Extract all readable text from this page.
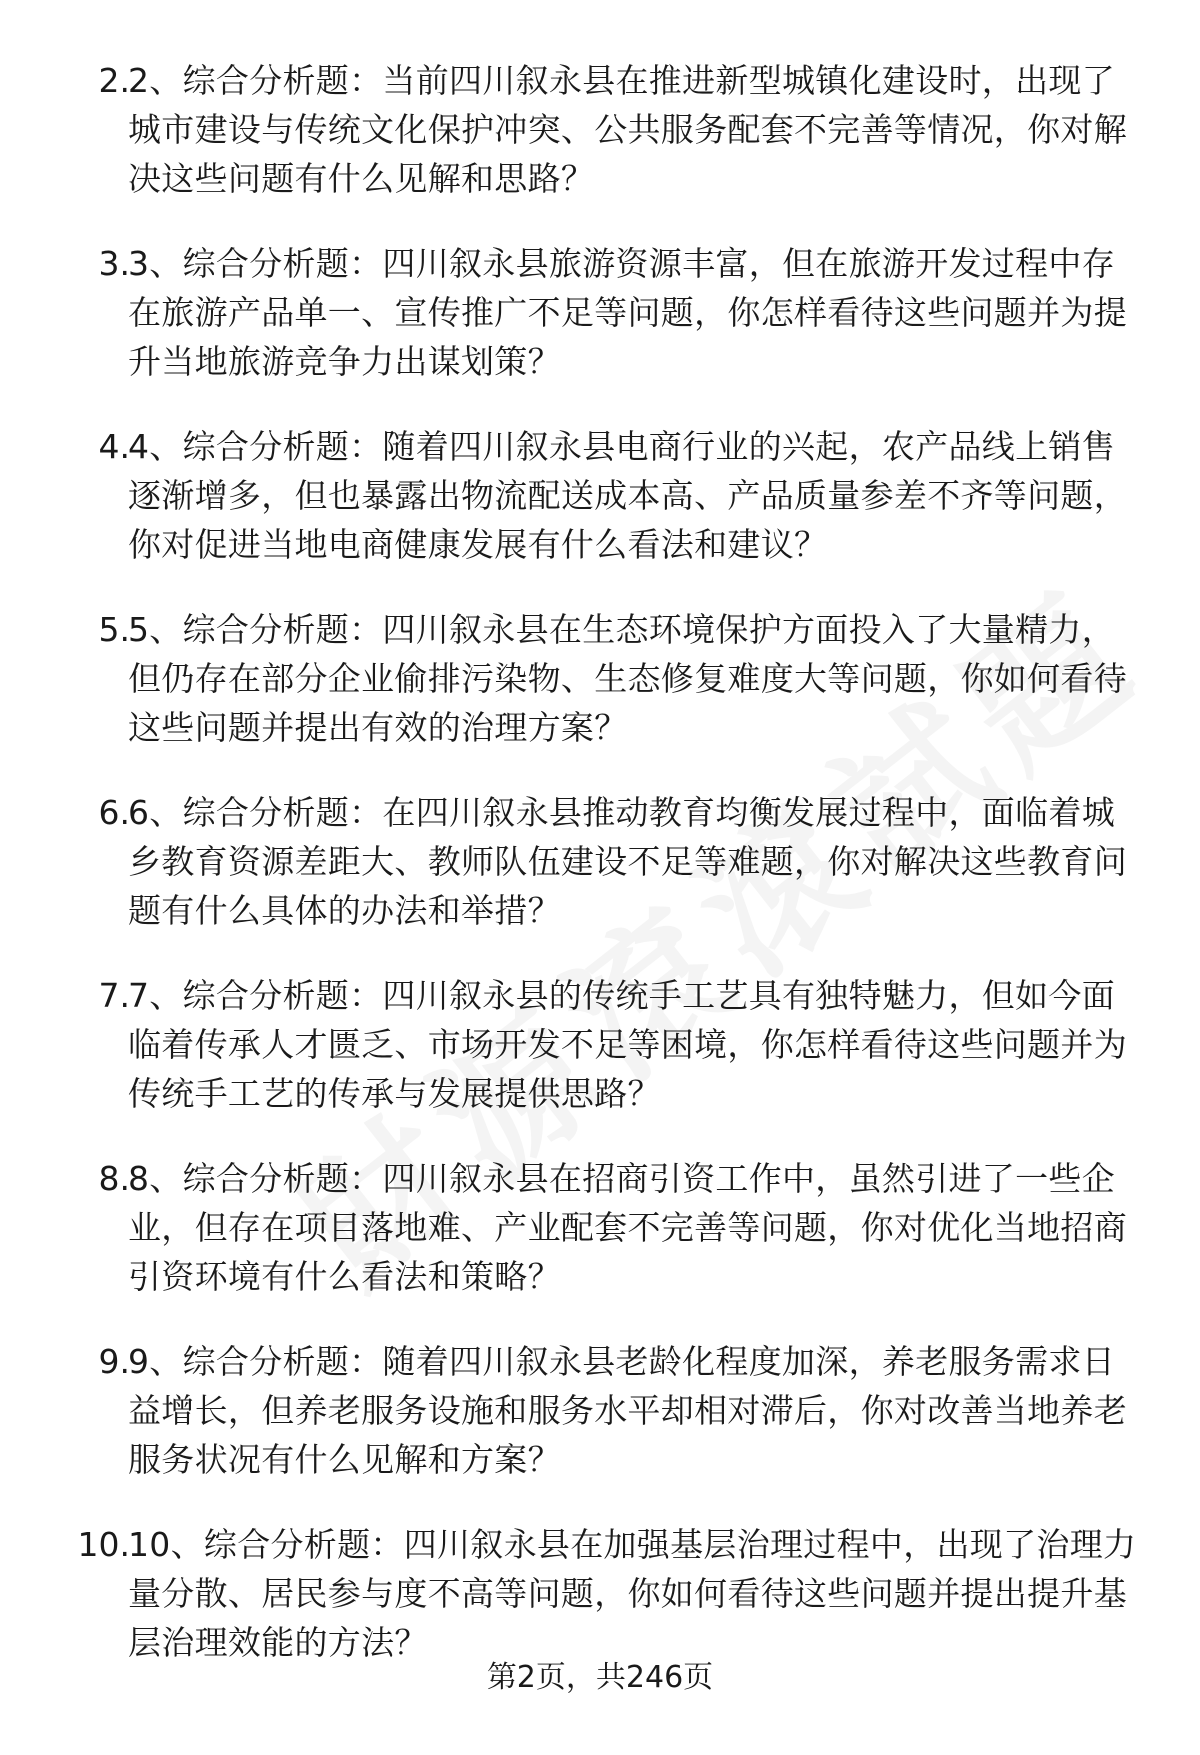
2.
2、综合分析题：当前四川叙永县在推进新型城镇化建设时，出现了城市建设与传统文化保护冲突、公共服务配套不完善等情况，你对解决这些问题有什么见解和思路？
3.
3、综合分析题：四川叙永县旅游资源丰富，但在旅游开发过程中存在旅游产品单一、宣传推广不足等问题，你怎样看待这些问题并为提升当地旅游竞争力出谋划策？
4.
4、综合分析题：随着四川叙永县电商行业的兴起，农产品线上销售逐渐增多，但也暴露出物流配送成本高、产品质量参差不齐等问题，你对促进当地电商健康发展有什么看法和建议？
5.
5、综合分析题：四川叙永县在生态环境保护方面投入了大量精力，但仍存在部分企业偷排污染物、生态修复难度大等问题，你如何看待这些问题并提出有效的治理方案？
6.
6、综合分析题：在四川叙永县推动教育均衡发展过程中，面临着城乡教育资源差距大、教师队伍建设不足等难题，你对解决这些教育问题有什么具体的办法和举措？
7.
7、综合分析题：四川叙永县的传统手工艺具有独特魅力，但如今面临着传承人才匮乏、市场开发不足等困境，你怎样看待这些问题并为传统手工艺的传承与发展提供思路？
8.
8、综合分析题：四川叙永县在招商引资工作中，虽然引进了一些企业，但存在项目落地难、产业配套不完善等问题，你对优化当地招商引资环境有什么看法和策略？
9.
9、综合分析题：随着四川叙永县老龄化程度加深，养老服务需求日益增长，但养老服务设施和服务水平却相对滞后，你对改善当地养老服务状况有什么见解和方案？
10.
10、综合分析题：四川叙永县在加强基层治理过程中，出现了治理力量分散、居民参与度不高等问题，你如何看待这些问题并提出提升基层治理效能的方法？
第2页，共246页
